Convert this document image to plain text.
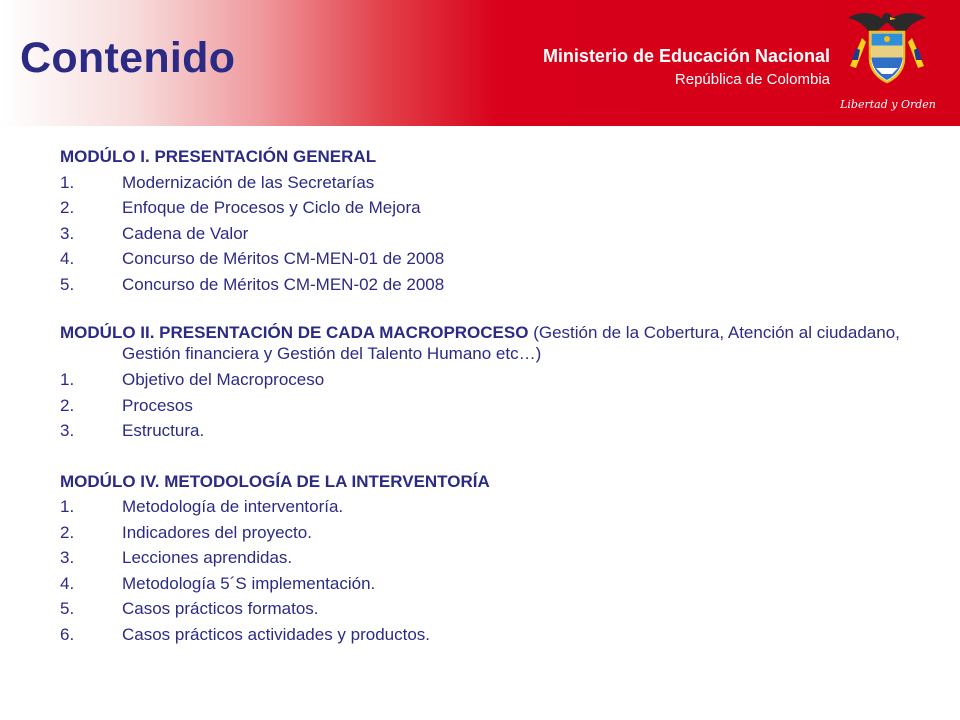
Contenido	Ministerio de Educación Nacional
República de Colombia
Libertad y Orden

MODÚLO I. PRESENTACIÓN GENERAL

1.	Modernización de las Secretarías
2.	Enfoque de Procesos y Ciclo de Mejora
3.	Cadena de Valor
4.	Concurso de Méritos CM-MEN-01 de 2008
5.	Concurso de Méritos CM-MEN-02 de 2008

MODÚLO II. PRESENTACIÓN DE CADA MACROPROCESO (Gestión de la Cobertura, Atención al ciudadano, Gestión financiera y Gestión del Talento Humano etc…)

1.	Objetivo del Macroproceso
2.	Procesos
3.	Estructura.

MODÚLO IV. METODOLOGÍA DE LA INTERVENTORÍA

1.	Metodología de interventoría.
2.	Indicadores del proyecto.
3.	Lecciones aprendidas.
4.	Metodología 5´S implementación.
5.	Casos prácticos formatos.
6.	Casos prácticos actividades y productos.
